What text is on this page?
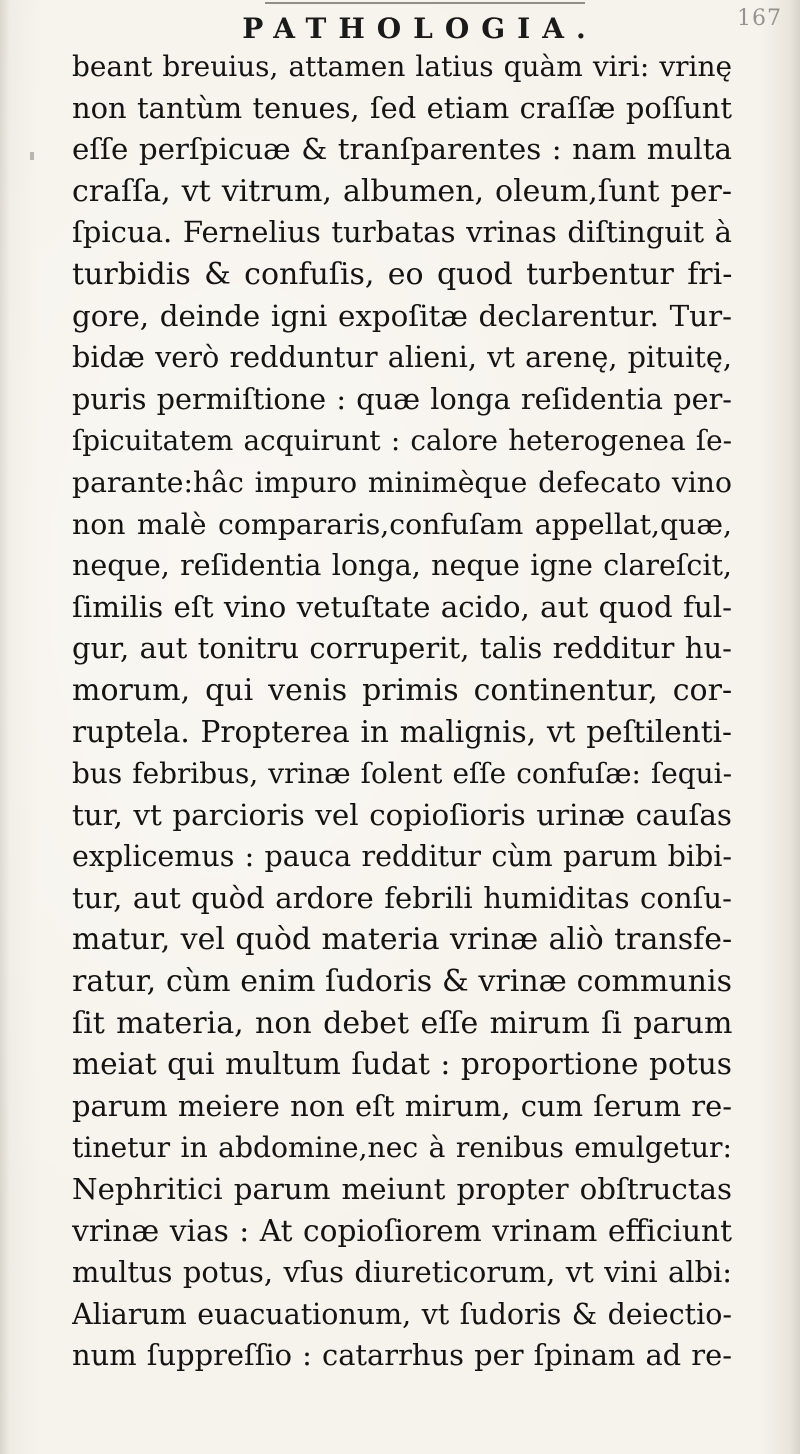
167
PATHOLOGIA.
beant breuius, attamen latius quàm viri: vrinę
non tantùm tenues, ſed etiam craſſæ poſſunt
eſſe perſpicuæ & tranſparentes : nam multa
craſſa, vt vitrum, albumen, oleum,ſunt per-
ſpicua. Fernelius turbatas vrinas diſtinguit à
turbidis & confuſis, eo quod turbentur fri-
gore, deinde igni expoſitæ declarentur. Tur-
bidæ verò redduntur alieni, vt arenę, pituitę,
puris permiſtione : quæ longa reſidentia per-
ſpicuitatem acquirunt : calore heterogenea ſe-
parante:hâc impuro minimèque defecato vino
non malè compararis,confuſam appellat,quæ,
neque, reſidentia longa, neque igne clareſcit,
ſimilis eſt vino vetuſtate acido, aut quod ful-
gur, aut tonitru corruperit, talis redditur hu-
morum, qui venis primis continentur, cor-
ruptela. Propterea in malignis, vt peſtilenti-
bus febribus, vrinæ ſolent eſſe confuſæ: ſequi-
tur, vt parcioris vel copioſioris urinæ cauſas
explicemus : pauca redditur cùm parum bibi-
tur, aut quòd ardore febrili humiditas conſu-
matur, vel quòd materia vrinæ aliò transfe-
ratur, cùm enim ſudoris & vrinæ communis
ſit materia, non debet eſſe mirum ſi parum
meiat qui multum ſudat : proportione potus
parum meiere non eſt mirum, cum ſerum re-
tinetur in abdomine,nec à renibus emulgetur:
Nephritici parum meiunt propter obſtructas
vrinæ vias : At copioſiorem vrinam efficiunt
multus potus, vſus diureticorum, vt vini albi:
Aliarum euacuationum, vt ſudoris & deiectio-
num ſuppreſſio : catarrhus per ſpinam ad re-
